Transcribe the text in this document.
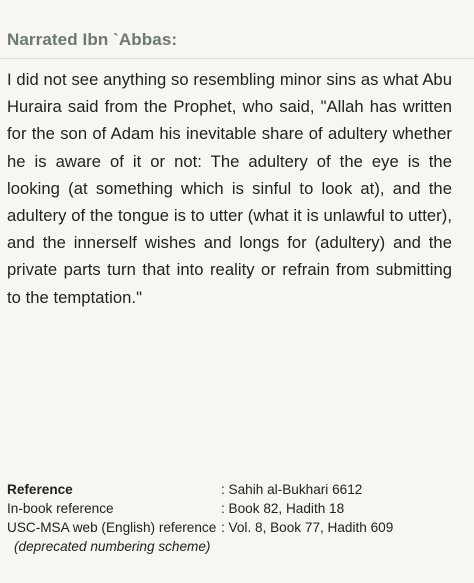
Narrated Ibn `Abbas:
I did not see anything so resembling minor sins as what Abu Huraira said from the Prophet, who said, "Allah has written for the son of Adam his inevitable share of adultery whether he is aware of it or not: The adultery of the eye is the looking (at something which is sinful to look at), and the adultery of the tongue is to utter (what it is unlawful to utter), and the innerself wishes and longs for (adultery) and the private parts turn that into reality or refrain from submitting to the temptation."
Reference	: Sahih al-Bukhari 6612
In-book reference	: Book 82, Hadith 18
USC-MSA web (English) reference : Vol. 8, Book 77, Hadith 609
(deprecated numbering scheme)
